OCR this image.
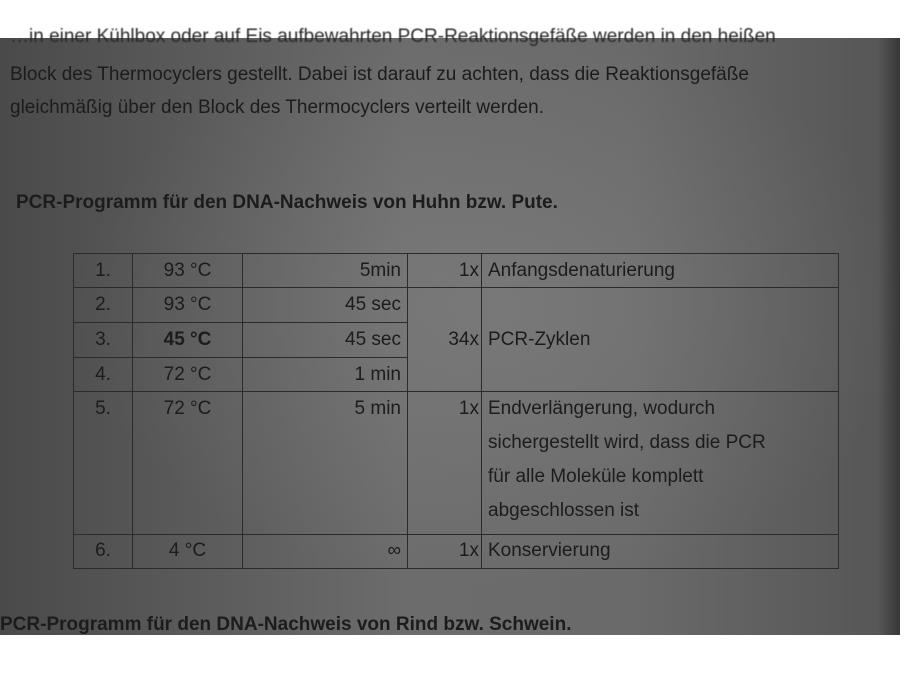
…in einer Kühlbox oder auf Eis aufbewahrten PCR-Reaktionsgefäße werden in den heißen
Block des Thermocyclers gestellt. Dabei ist darauf zu achten, dass die Reaktionsgefäße
gleichmäßig über den Block des Thermocyclers verteilt werden.
PCR-Programm für den DNA-Nachweis von Huhn bzw. Pute.
1.	93 °C	5min	1x	Anfangsdenaturierung
2.	93 °C	45 sec	34x	PCR-Zyklen
3.	45 °C	45 sec		
4.	72 °C	1 min		
5.	72 °C	5 min	1x	Endverlängerung, wodurch
sichergestellt wird, dass die PCR
für alle Moleküle komplett
abgeschlossen ist

6.	4 °C	∞	1x	Konservierung
PCR-Programm für den DNA-Nachweis von Rind bzw. Schwein.
